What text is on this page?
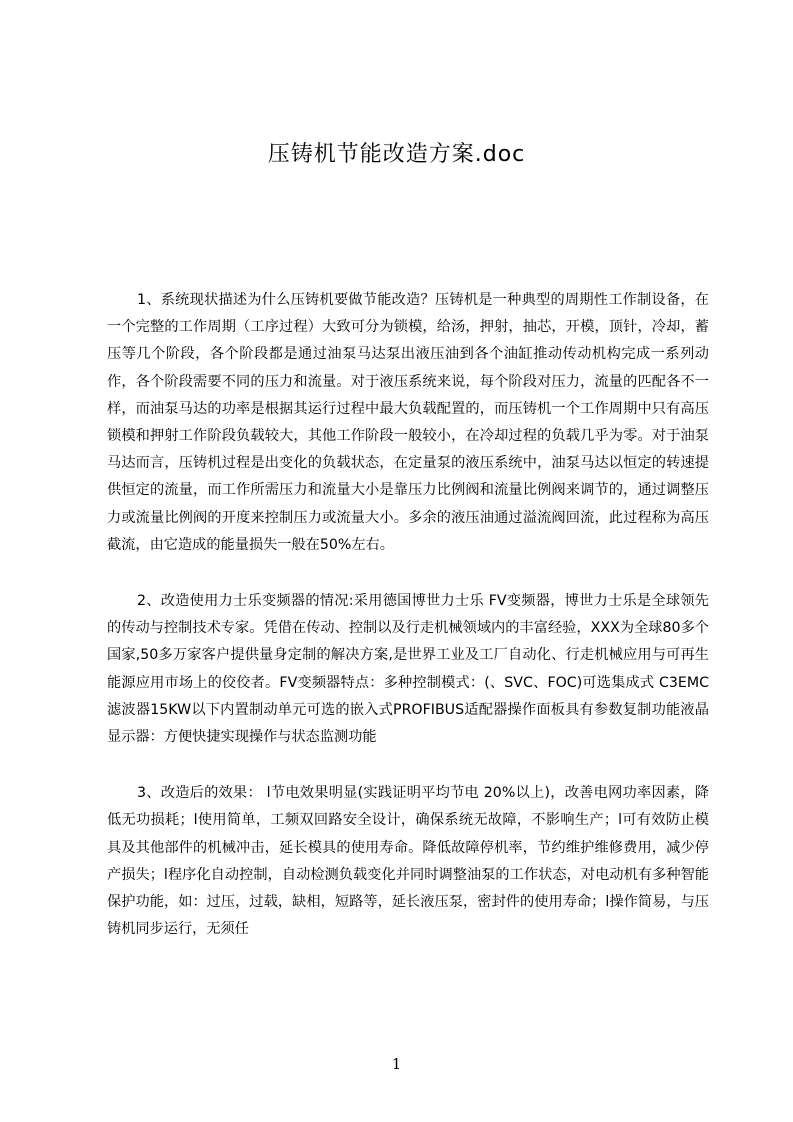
压铸机节能改造方案.doc

1、系统现状描述为什么压铸机要做节能改造？压铸机是一种典型的周期性工作制设备，在一个完整的工作周期（工序过程）大致可分为锁模，给汤，押射，抽芯，开模，顶针，冷却，蓄压等几个阶段，各个阶段都是通过油泵马达泵出液压油到各个油缸推动传动机构完成一系列动作，各个阶段需要不同的压力和流量。对于液压系统来说，每个阶段对压力，流量的匹配各不一样，而油泵马达的功率是根据其运行过程中最大负载配置的，而压铸机一个工作周期中只有高压锁模和押射工作阶段负载较大，其他工作阶段一般较小，在冷却过程的负载几乎为零。对于油泵马达而言，压铸机过程是出变化的负载状态，在定量泵的液压系统中，油泵马达以恒定的转速提供恒定的流量，而工作所需压力和流量大小是靠压力比例阀和流量比例阀来调节的，通过调整压力或流量比例阀的开度来控制压力或流量大小。多余的液压油通过溢流阀回流，此过程称为高压截流，由它造成的能量损失一般在50%左右。

2、改造使用力士乐变频器的情况:采用德国博世力士乐 FV变频器，博世力士乐是全球领先的传动与控制技术专家。凭借在传动、控制以及行走机械领域内的丰富经验，XXX为全球80多个国家,50多万家客户提供量身定制的解决方案,是世界工业及工厂自动化、行走机械应用与可再生能源应用市场上的佼佼者。FV变频器特点：多种控制模式：(、SVC、FOC)可选集成式 C3EMC滤波器15KW以下内置制动单元可选的嵌入式PROFIBUS适配器操作面板具有参数复制功能液晶显示器：方便快捷实现操作与状态监测功能

3、改造后的效果： l节电效果明显(实践证明平均节电 20%以上)，改善电网功率因素，降低无功损耗；l使用简单，工频双回路安全设计，确保系统无故障，不影响生产；l可有效防止模具及其他部件的机械冲击，延长模具的使用寿命。降低故障停机率，节约维护维修费用，减少停产损失；l程序化自动控制，自动检测负载变化并同时调整油泵的工作状态，对电动机有多种智能保护功能，如：过压，过载，缺相，短路等，延长液压泵，密封件的使用寿命；l操作简易，与压铸机同步运行，无须任

1
